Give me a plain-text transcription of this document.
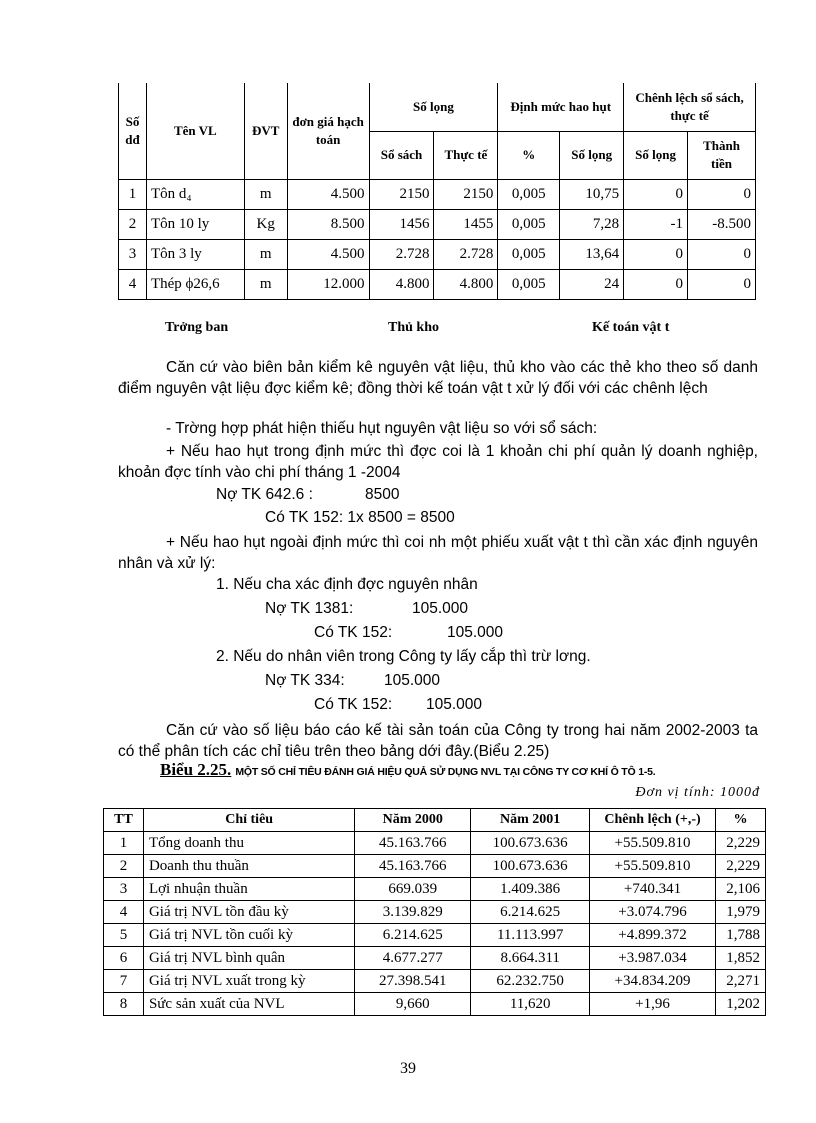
Số dđ	Tên VL	ĐVT	đơn giá hạch toán	Số lọng		Định mức hao hụt		Chênh lệch sổ sách, thực tế	
				Sổ sách	Thực tế	%	Số lọng	Số lọng	Thành tiền
1	Tôn d₄	m	4.500	2150	2150	0,005	10,75	0	0
2	Tôn 10 ly	Kg	8.500	1456	1455	0,005	7,28	-1	-8.500
3	Tôn 3 ly	m	4.500	2.728	2.728	0,005	13,64	0	0
4	Thép ϕ26,6	m	12.000	4.800	4.800	0,005	24	0	0
Trởng ban	Thủ kho	Kế toán vật t
Căn cứ vào biên bản kiểm kê nguyên vật liệu, thủ kho vào các thẻ kho theo số danh điểm nguyên vật liệu đợc kiểm kê; đồng thời kế toán vật t xử lý đối với các chênh lệch
- Trờng hợp phát hiện thiếu hụt nguyên vật liệu so với sổ sách:
+ Nếu hao hụt trong định mức thì đợc coi là 1 khoản chi phí quản lý doanh nghiệp, khoản đợc tính vào chi phí tháng 1 -2004
Nợ TK 642.6 :	8500
Có TK 152: 1x 8500 = 8500
+ Nếu hao hụt ngoài định mức thì coi nh một phiếu xuất vật t thì cần xác định nguyên nhân và xử lý:
1. Nếu cha xác định đợc nguyên nhân
Nợ TK 1381:	105.000
Có TK 152:	105.000
2. Nếu do nhân viên trong Công ty lấy cắp thì trừ lơng.
Nợ TK 334:	105.000
Có TK 152: 105.000
Căn cứ vào số liệu báo cáo kế tài sản toán của Công ty trong hai năm 2002-2003 ta có thể phân tích các chỉ tiêu trên theo bảng dới đây.(Biểu 2.25)
Biểu 2.25. MỘT SỐ CHỈ TIÊU ĐÁNH GIÁ HIỆU QUẢ SỬ DỤNG NVL TẠI CÔNG TY CƠ KHÍ Ô TÔ 1-5.
Đơn vị tính: 1000đ
TT	Chỉ tiêu	Năm 2000	Năm 2001	Chênh lệch (+,-)	%
1	Tổng doanh thu	45.163.766	100.673.636	+55.509.810	2,229
2	Doanh thu thuần	45.163.766	100.673.636	+55.509.810	2,229
3	Lợi nhuận thuần	669.039	1.409.386	+740.341	2,106
4	Giá trị NVL tồn đầu kỳ	3.139.829	6.214.625	+3.074.796	1,979
5	Giá trị NVL tồn cuối kỳ	6.214.625	11.113.997	+4.899.372	1,788
6	Giá trị NVL bình quân	4.677.277	8.664.311	+3.987.034	1,852
7	Giá trị NVL xuất trong kỳ	27.398.541	62.232.750	+34.834.209	2,271
8	Sức sản xuất của NVL	9,660	11,620	+1,96	1,202
39
